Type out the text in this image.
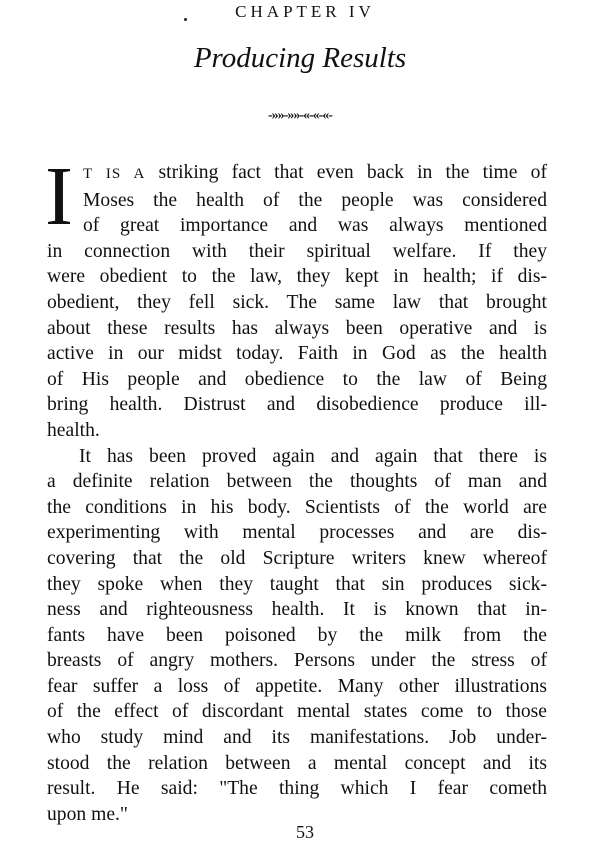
CHAPTER IV
Producing Results
-»»-»»-«-«-«-
I T IS A striking fact that even back in the time of
Moses the health of the people was considered
of great importance and was always mentioned
in connection with their spiritual welfare. If they
were obedient to the law, they kept in health; if dis-
obedient, they fell sick. The same law that brought
about these results has always been operative and is
active in our midst today. Faith in God as the health
of His people and obedience to the law of Being
bring health. Distrust and disobedience produce ill-
health.
It has been proved again and again that there is
a definite relation between the thoughts of man and
the conditions in his body. Scientists of the world are
experimenting with mental processes and are dis-
covering that the old Scripture writers knew whereof
they spoke when they taught that sin produces sick-
ness and righteousness health. It is known that in-
fants have been poisoned by the milk from the
breasts of angry mothers. Persons under the stress of
fear suffer a loss of appetite. Many other illustrations
of the effect of discordant mental states come to those
who study mind and its manifestations. Job under-
stood the relation between a mental concept and its
result. He said: "The thing which I fear cometh
upon me."
53
